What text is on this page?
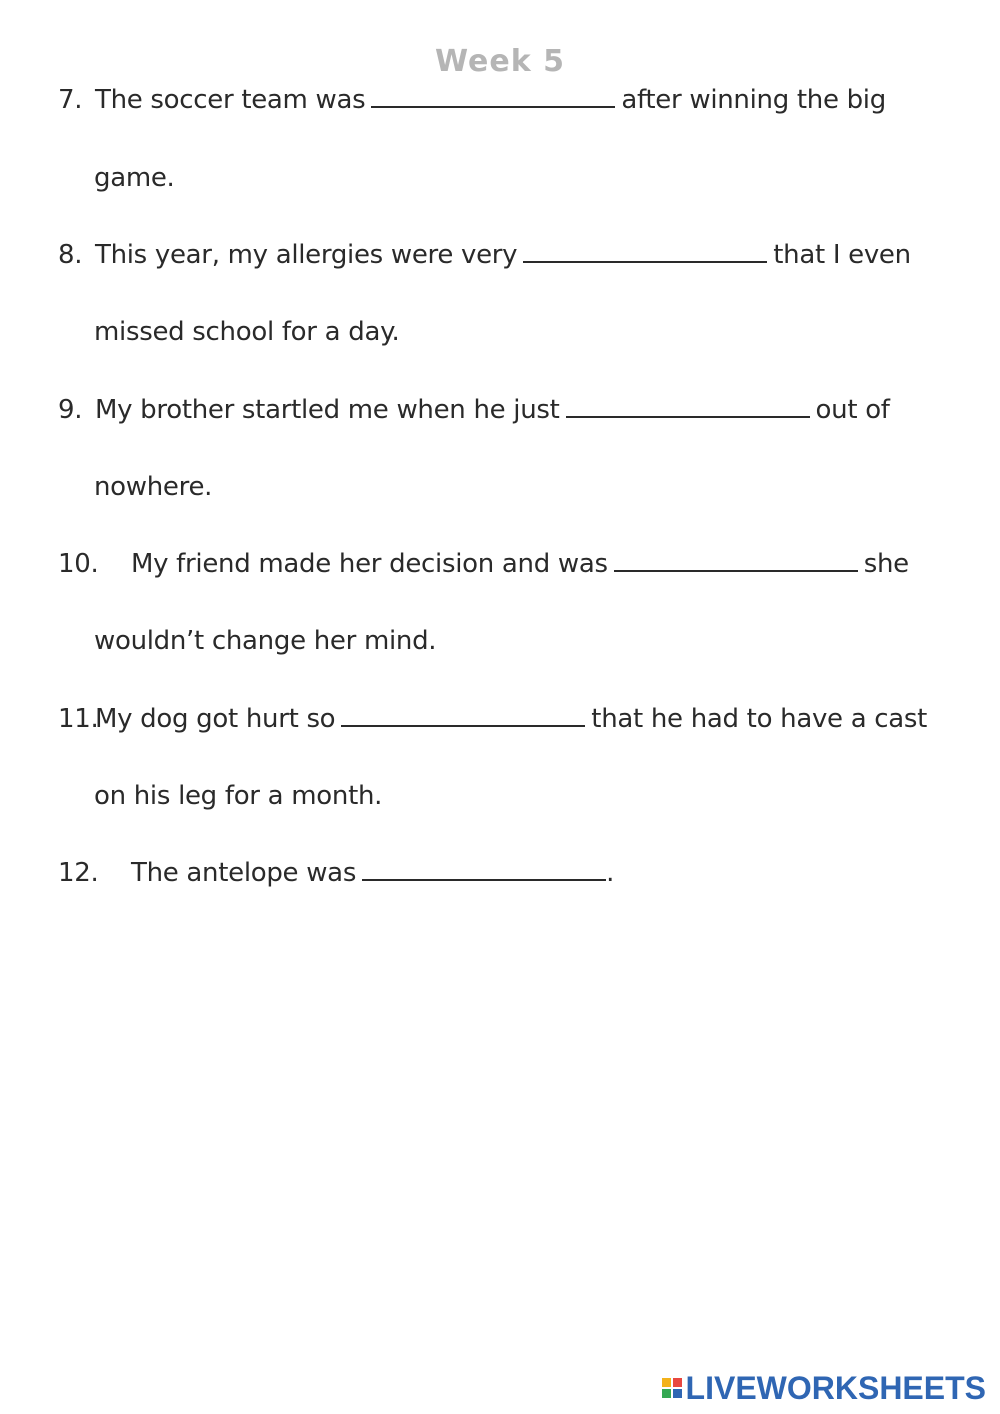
Week 5
7. The soccer team was	after winning the big
game.
8. This year, my allergies were very	that I even
missed school for a day.
9. My brother startled me when he just	out of
nowhere.
10. My friend made her decision and was	she
wouldn’t change her mind.
11.My dog got hurt so	that he had to have a cast
on his leg for a month.
12. The antelope was	.
LIVEWORKSHEETS
